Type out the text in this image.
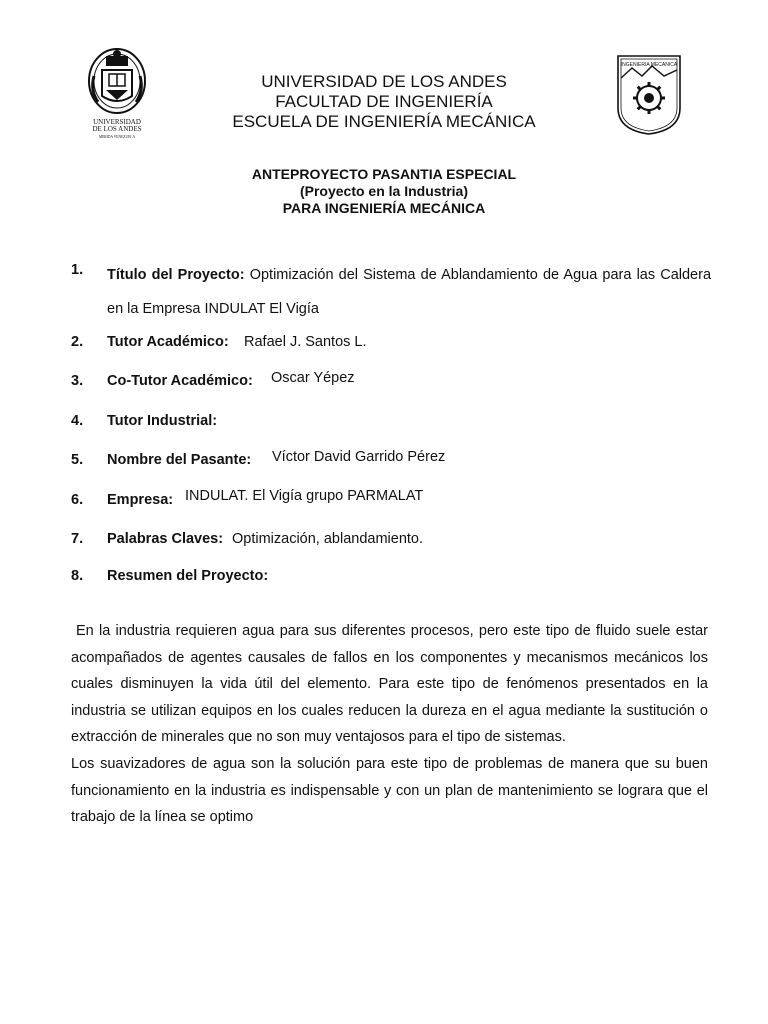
UNIVERSIDAD
DE LOS ANDES
MERIDA VENEZUELA
INGENIERIA MECANICA
UNIVERSIDAD DE LOS ANDES
FACULTAD DE INGENIERÍA
ESCUELA DE INGENIERÍA MECÁNICA
ANTEPROYECTO PASANTIA ESPECIAL
(Proyecto en la Industria)
PARA INGENIERÍA MECÁNICA
1. Título del Proyecto: Optimización del Sistema de Ablandamiento de Agua para las Caldera en la Empresa INDULAT El Vigía
2. Tutor Académico: Rafael J. Santos L.
3. Co-Tutor Académico: Oscar Yépez
4. Tutor Industrial:
5. Nombre del Pasante: Víctor David Garrido Pérez
6. Empresa: INDULAT. El Vigía grupo PARMALAT
7. Palabras Claves: Optimización, ablandamiento.
8. Resumen del Proyecto:

En la industria requieren agua para sus diferentes procesos, pero este tipo de fluido suele estar acompañados de agentes causales de fallos en los componentes y mecanismos mecánicos los cuales disminuyen la vida útil del elemento. Para este tipo de fenómenos presentados en la industria se utilizan equipos en los cuales reducen la dureza en el agua mediante la sustitución o extracción de minerales que no son muy ventajosos para el tipo de sistemas.

Los suavizadores de agua son la solución para este tipo de problemas de manera que su buen funcionamiento en la industria es indispensable y con un plan de mantenimiento se lograra que el trabajo de la línea se optimo
